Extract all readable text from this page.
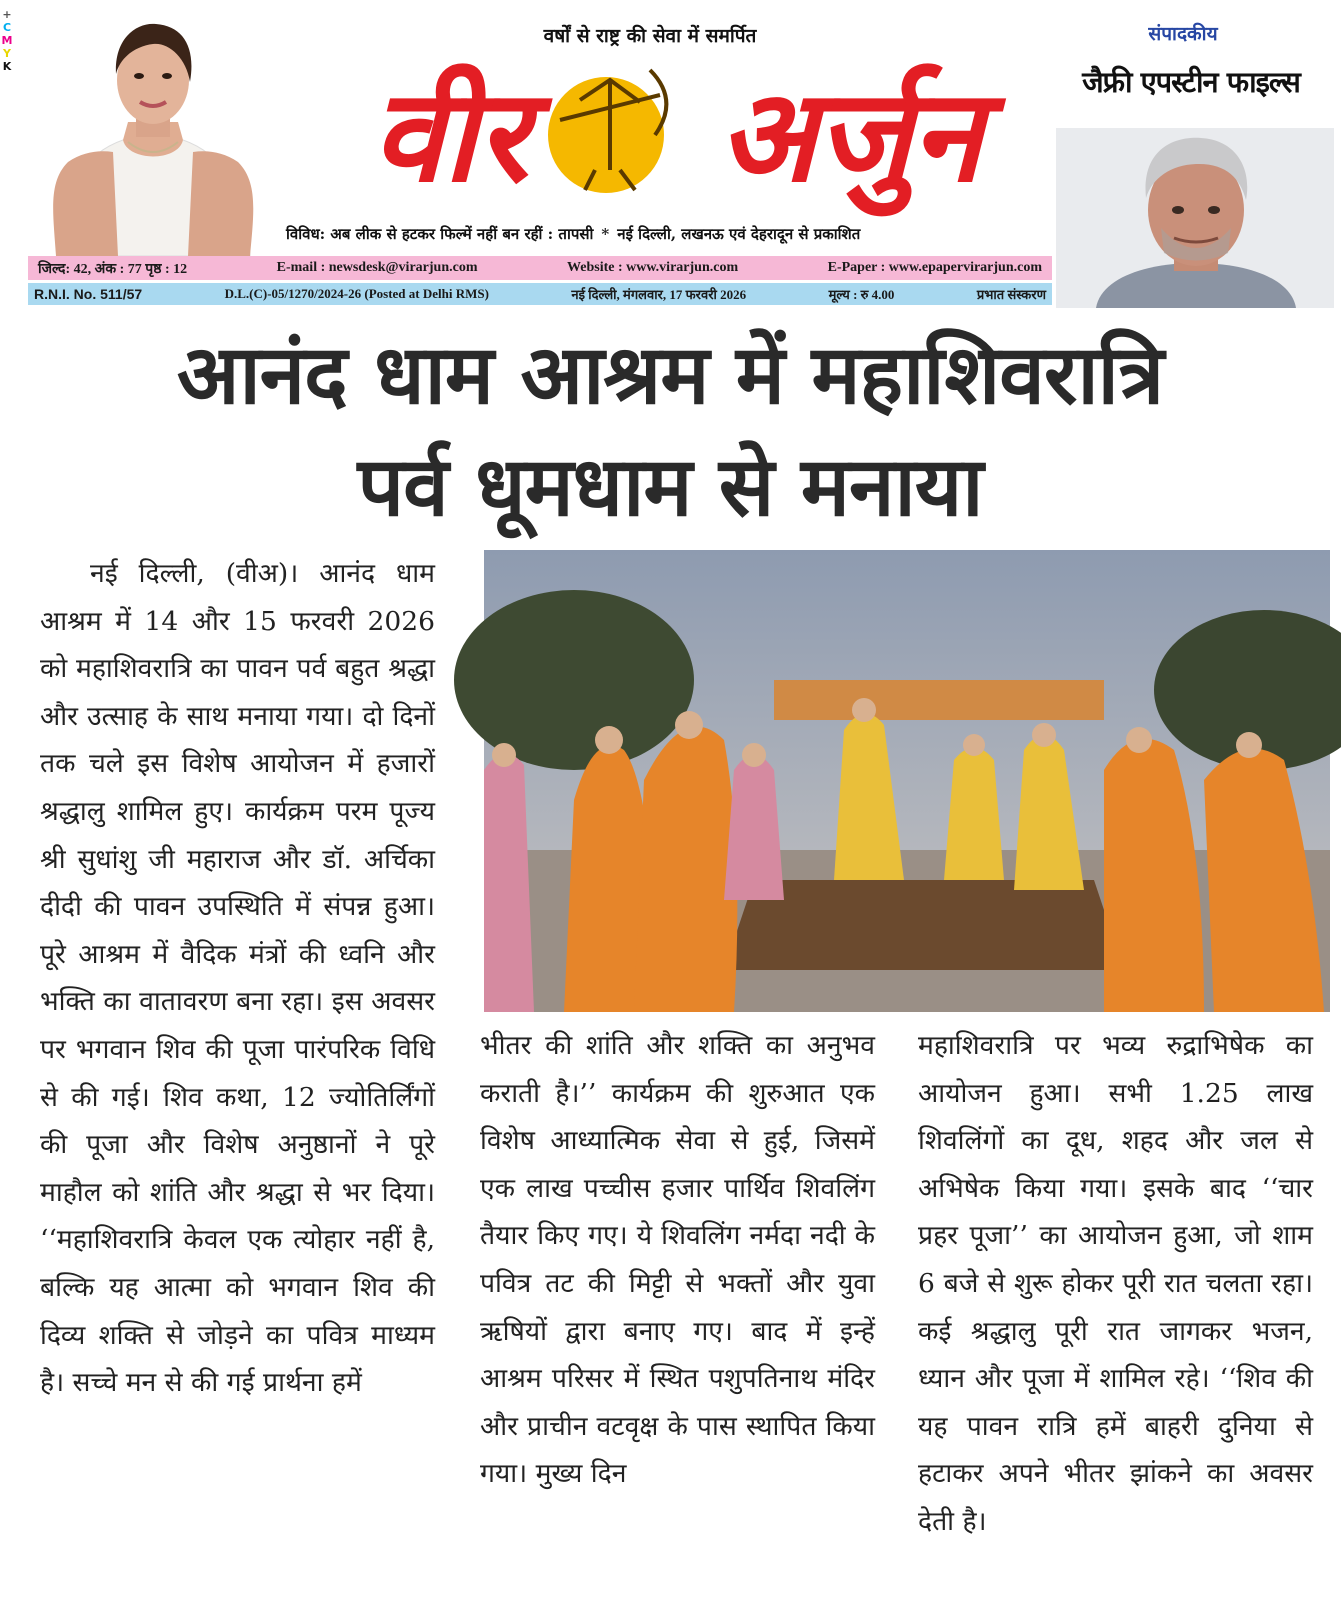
+
C
M
Y
K
वर्षों से राष्ट्र की सेवा में समर्पित
वीर अर्जुन
वीर अर्जुन
विविध: अब लीक से हटकर फिल्में नहीं बन रहीं : तापसी * नई दिल्ली, लखनऊ एवं देहरादून से प्रकाशित
संपादकीय
जैफ्री एपस्टीन फाइल्स
जिल्द: 42, अंक : 77 पृष्ठ : 12	E-mail : newsdesk@virarjun.com	Website : www.virarjun.com	E-Paper : www.epapervirarjun.com
R.N.I. No. 511/57	D.L.(C)-05/1270/2024-26 (Posted at Delhi RMS)	नई दिल्ली, मंगलवार, 17 फरवरी 2026	मूल्य : रु 4.00	प्रभात संस्करण
आनंद धाम आश्रम में महाशिवरात्रि
पर्व धूमधाम से मनाया

नई दिल्ली, (वीअ)। आनंद धाम आश्रम में 14 और 15 फरवरी 2026 को महाशिवरात्रि का पावन पर्व बहुत श्रद्धा और उत्साह के साथ मनाया गया। दो दिनों तक चले इस विशेष आयोजन में हजारों श्रद्धालु शामिल हुए। कार्यक्रम परम पूज्य श्री सुधांशु जी महाराज और डॉ. अर्चिका दीदी की पावन उपस्थिति में संपन्न हुआ। पूरे आश्रम में वैदिक मंत्रों की ध्वनि और भक्ति का वातावरण बना रहा। इस अवसर पर भगवान शिव की पूजा पारंपरिक विधि से की गई। शिव कथा, 12 ज्योतिर्लिंगों की पूजा और विशेष अनुष्ठानों ने पूरे माहौल को शांति और श्रद्धा से भर दिया। ‘‘महाशिवरात्रि केवल एक त्योहार नहीं है, बल्कि यह आत्मा को भगवान शिव की दिव्य शक्ति से जोड़ने का पवित्र माध्यम है। सच्चे मन से की गई प्रार्थना हमें

भीतर की शांति और शक्ति का अनुभव कराती है।’’ कार्यक्रम की शुरुआत एक विशेष आध्यात्मिक सेवा से हुई, जिसमें एक लाख पच्चीस हजार पार्थिव शिवलिंग तैयार किए गए। ये शिवलिंग नर्मदा नदी के पवित्र तट की मिट्टी से भक्तों और युवा ऋषियों द्वारा बनाए गए। बाद में इन्हें आश्रम परिसर में स्थित पशुपतिनाथ मंदिर और प्राचीन वटवृक्ष के पास स्थापित किया गया। मुख्य दिन

महाशिवरात्रि पर भव्य रुद्राभिषेक का आयोजन हुआ। सभी 1.25 लाख शिवलिंगों का दूध, शहद और जल से अभिषेक किया गया। इसके बाद ‘‘चार प्रहर पूजा’’ का आयोजन हुआ, जो शाम 6 बजे से शुरू होकर पूरी रात चलता रहा। कई श्रद्धालु पूरी रात जागकर भजन, ध्यान और पूजा में शामिल रहे। ‘‘शिव की यह पावन रात्रि हमें बाहरी दुनिया से हटाकर अपने भीतर झांकने का अवसर देती है।
